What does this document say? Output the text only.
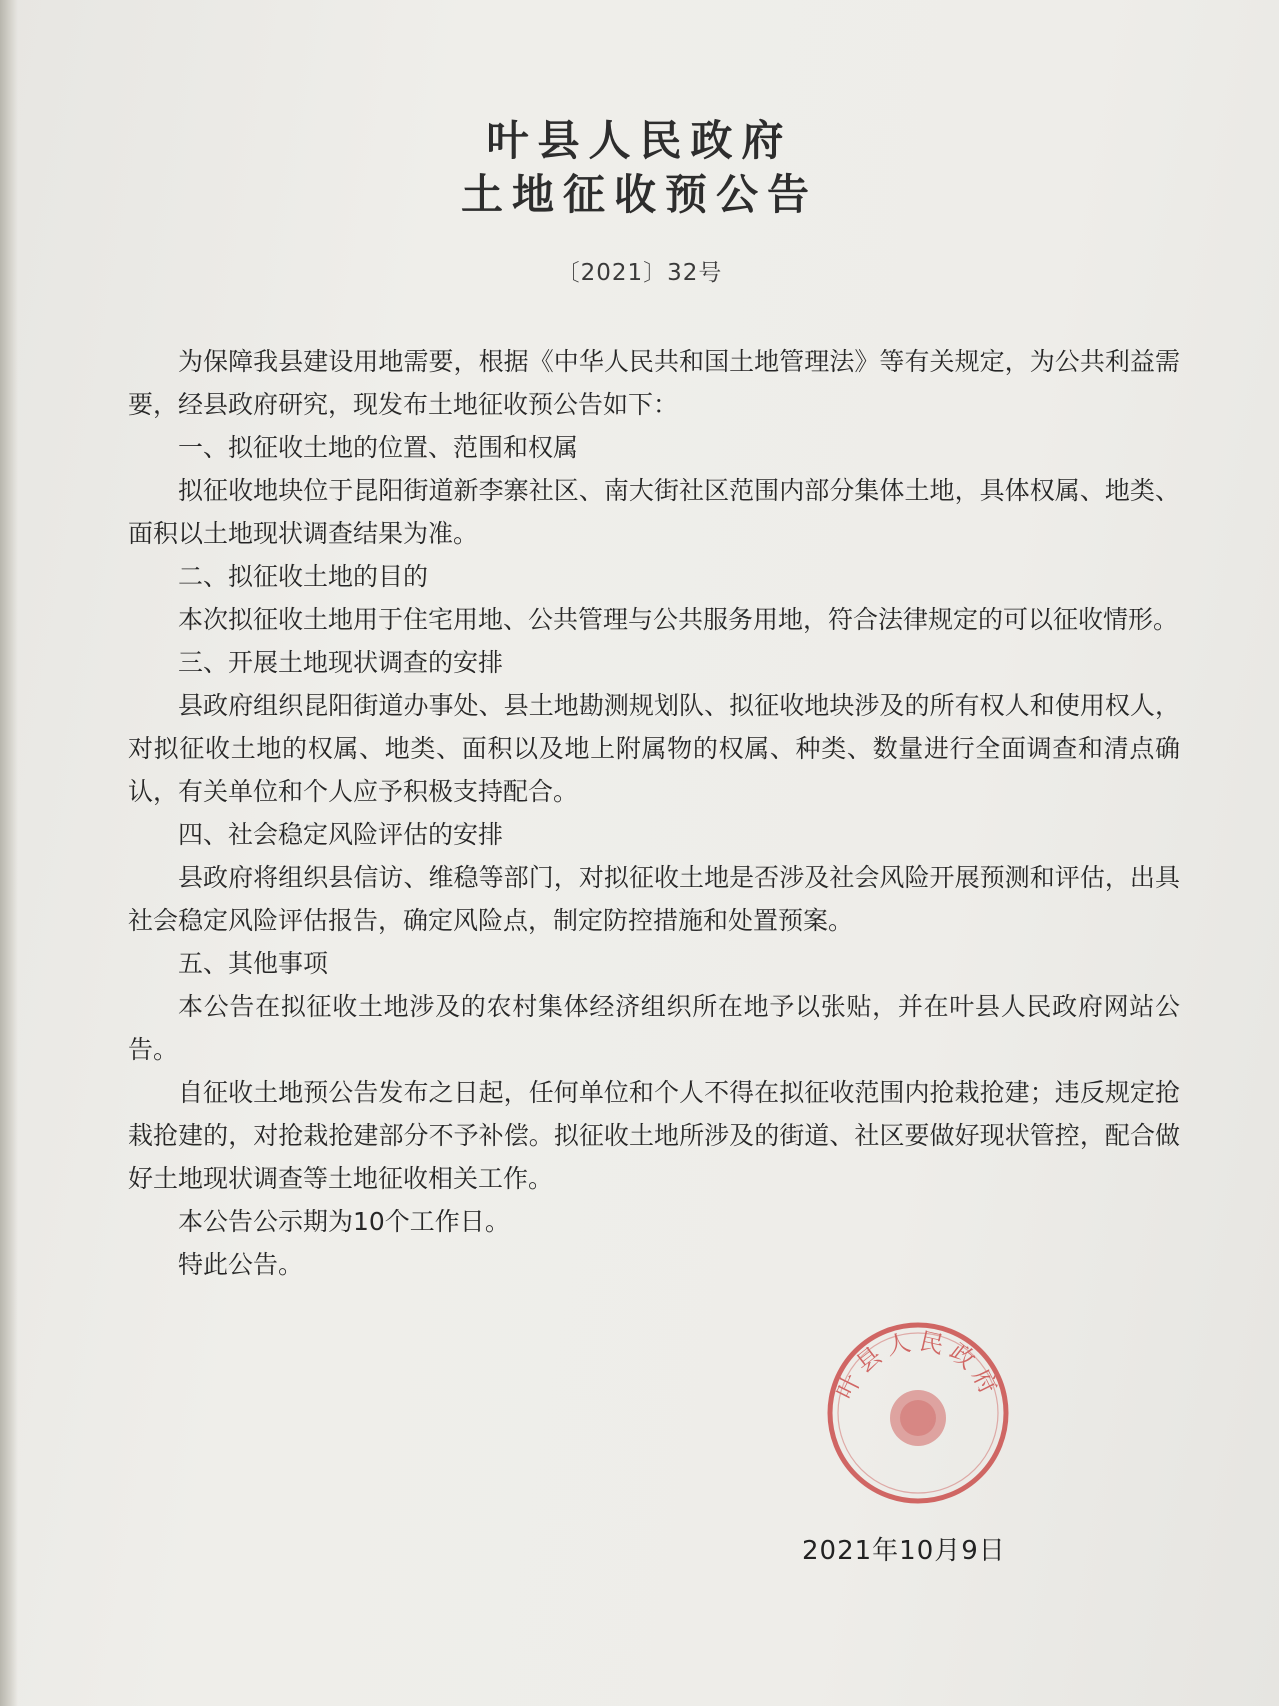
叶县人民政府
土地征收预公告
〔2021〕32号

为保障我县建设用地需要，根据《中华人民共和国土地管理法》等有关规定，为公共利益需要，经县政府研究，现发布土地征收预公告如下：

一、拟征收土地的位置、范围和权属

拟征收地块位于昆阳街道新李寨社区、南大街社区范围内部分集体土地，具体权属、地类、面积以土地现状调查结果为准。

二、拟征收土地的目的

本次拟征收土地用于住宅用地、公共管理与公共服务用地，符合法律规定的可以征收情形。

三、开展土地现状调查的安排

县政府组织昆阳街道办事处、县土地勘测规划队、拟征收地块涉及的所有权人和使用权人，对拟征收土地的权属、地类、面积以及地上附属物的权属、种类、数量进行全面调查和清点确认，有关单位和个人应予积极支持配合。

四、社会稳定风险评估的安排

县政府将组织县信访、维稳等部门，对拟征收土地是否涉及社会风险开展预测和评估，出具社会稳定风险评估报告，确定风险点，制定防控措施和处置预案。

五、其他事项

本公告在拟征收土地涉及的农村集体经济组织所在地予以张贴，并在叶县人民政府网站公告。

自征收土地预公告发布之日起，任何单位和个人不得在拟征收范围内抢栽抢建；违反规定抢栽抢建的，对抢栽抢建部分不予补偿。拟征收土地所涉及的街道、社区要做好现状管控，配合做好土地现状调查等土地征收相关工作。

本公告公示期为10个工作日。

特此公告。

叶县人民政府
2021年10月9日
